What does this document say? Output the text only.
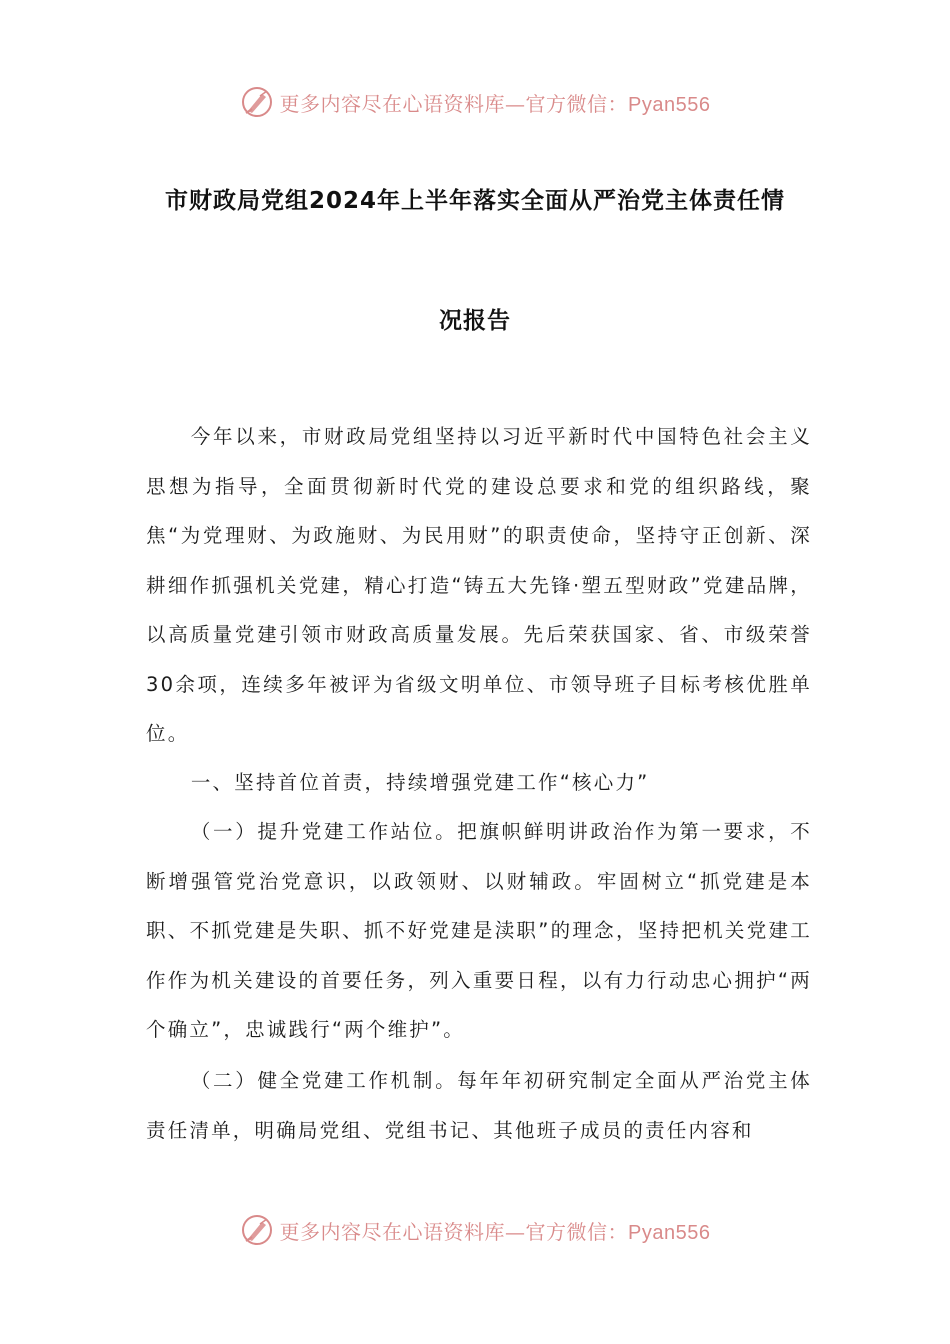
更多内容尽在心语资料库—官方微信：Pyan556
市财政局党组2024年上半年落实全面从严治党主体责任情
况报告

今年以来，市财政局党组坚持以习近平新时代中国特色社会主义思想为指导，全面贯彻新时代党的建设总要求和党的组织路线，聚焦“为党理财、为政施财、为民用财”的职责使命，坚持守正创新、深耕细作抓强机关党建，精心打造“铸五大先锋·塑五型财政”党建品牌，以高质量党建引领市财政高质量发展。先后荣获国家、省、市级荣誉30余项，连续多年被评为省级文明单位、市领导班子目标考核优胜单位。

一、坚持首位首责，持续增强党建工作“核心力”

（一）提升党建工作站位。把旗帜鲜明讲政治作为第一要求，不断增强管党治党意识，以政领财、以财辅政。牢固树立“抓党建是本职、不抓党建是失职、抓不好党建是渎职”的理念，坚持把机关党建工作作为机关建设的首要任务，列入重要日程，以有力行动忠心拥护“两个确立”，忠诚践行“两个维护”。

（二）健全党建工作机制。每年年初研究制定全面从严治党主体责任清单，明确局党组、党组书记、其他班子成员的责任内容和

更多内容尽在心语资料库—官方微信：Pyan556
